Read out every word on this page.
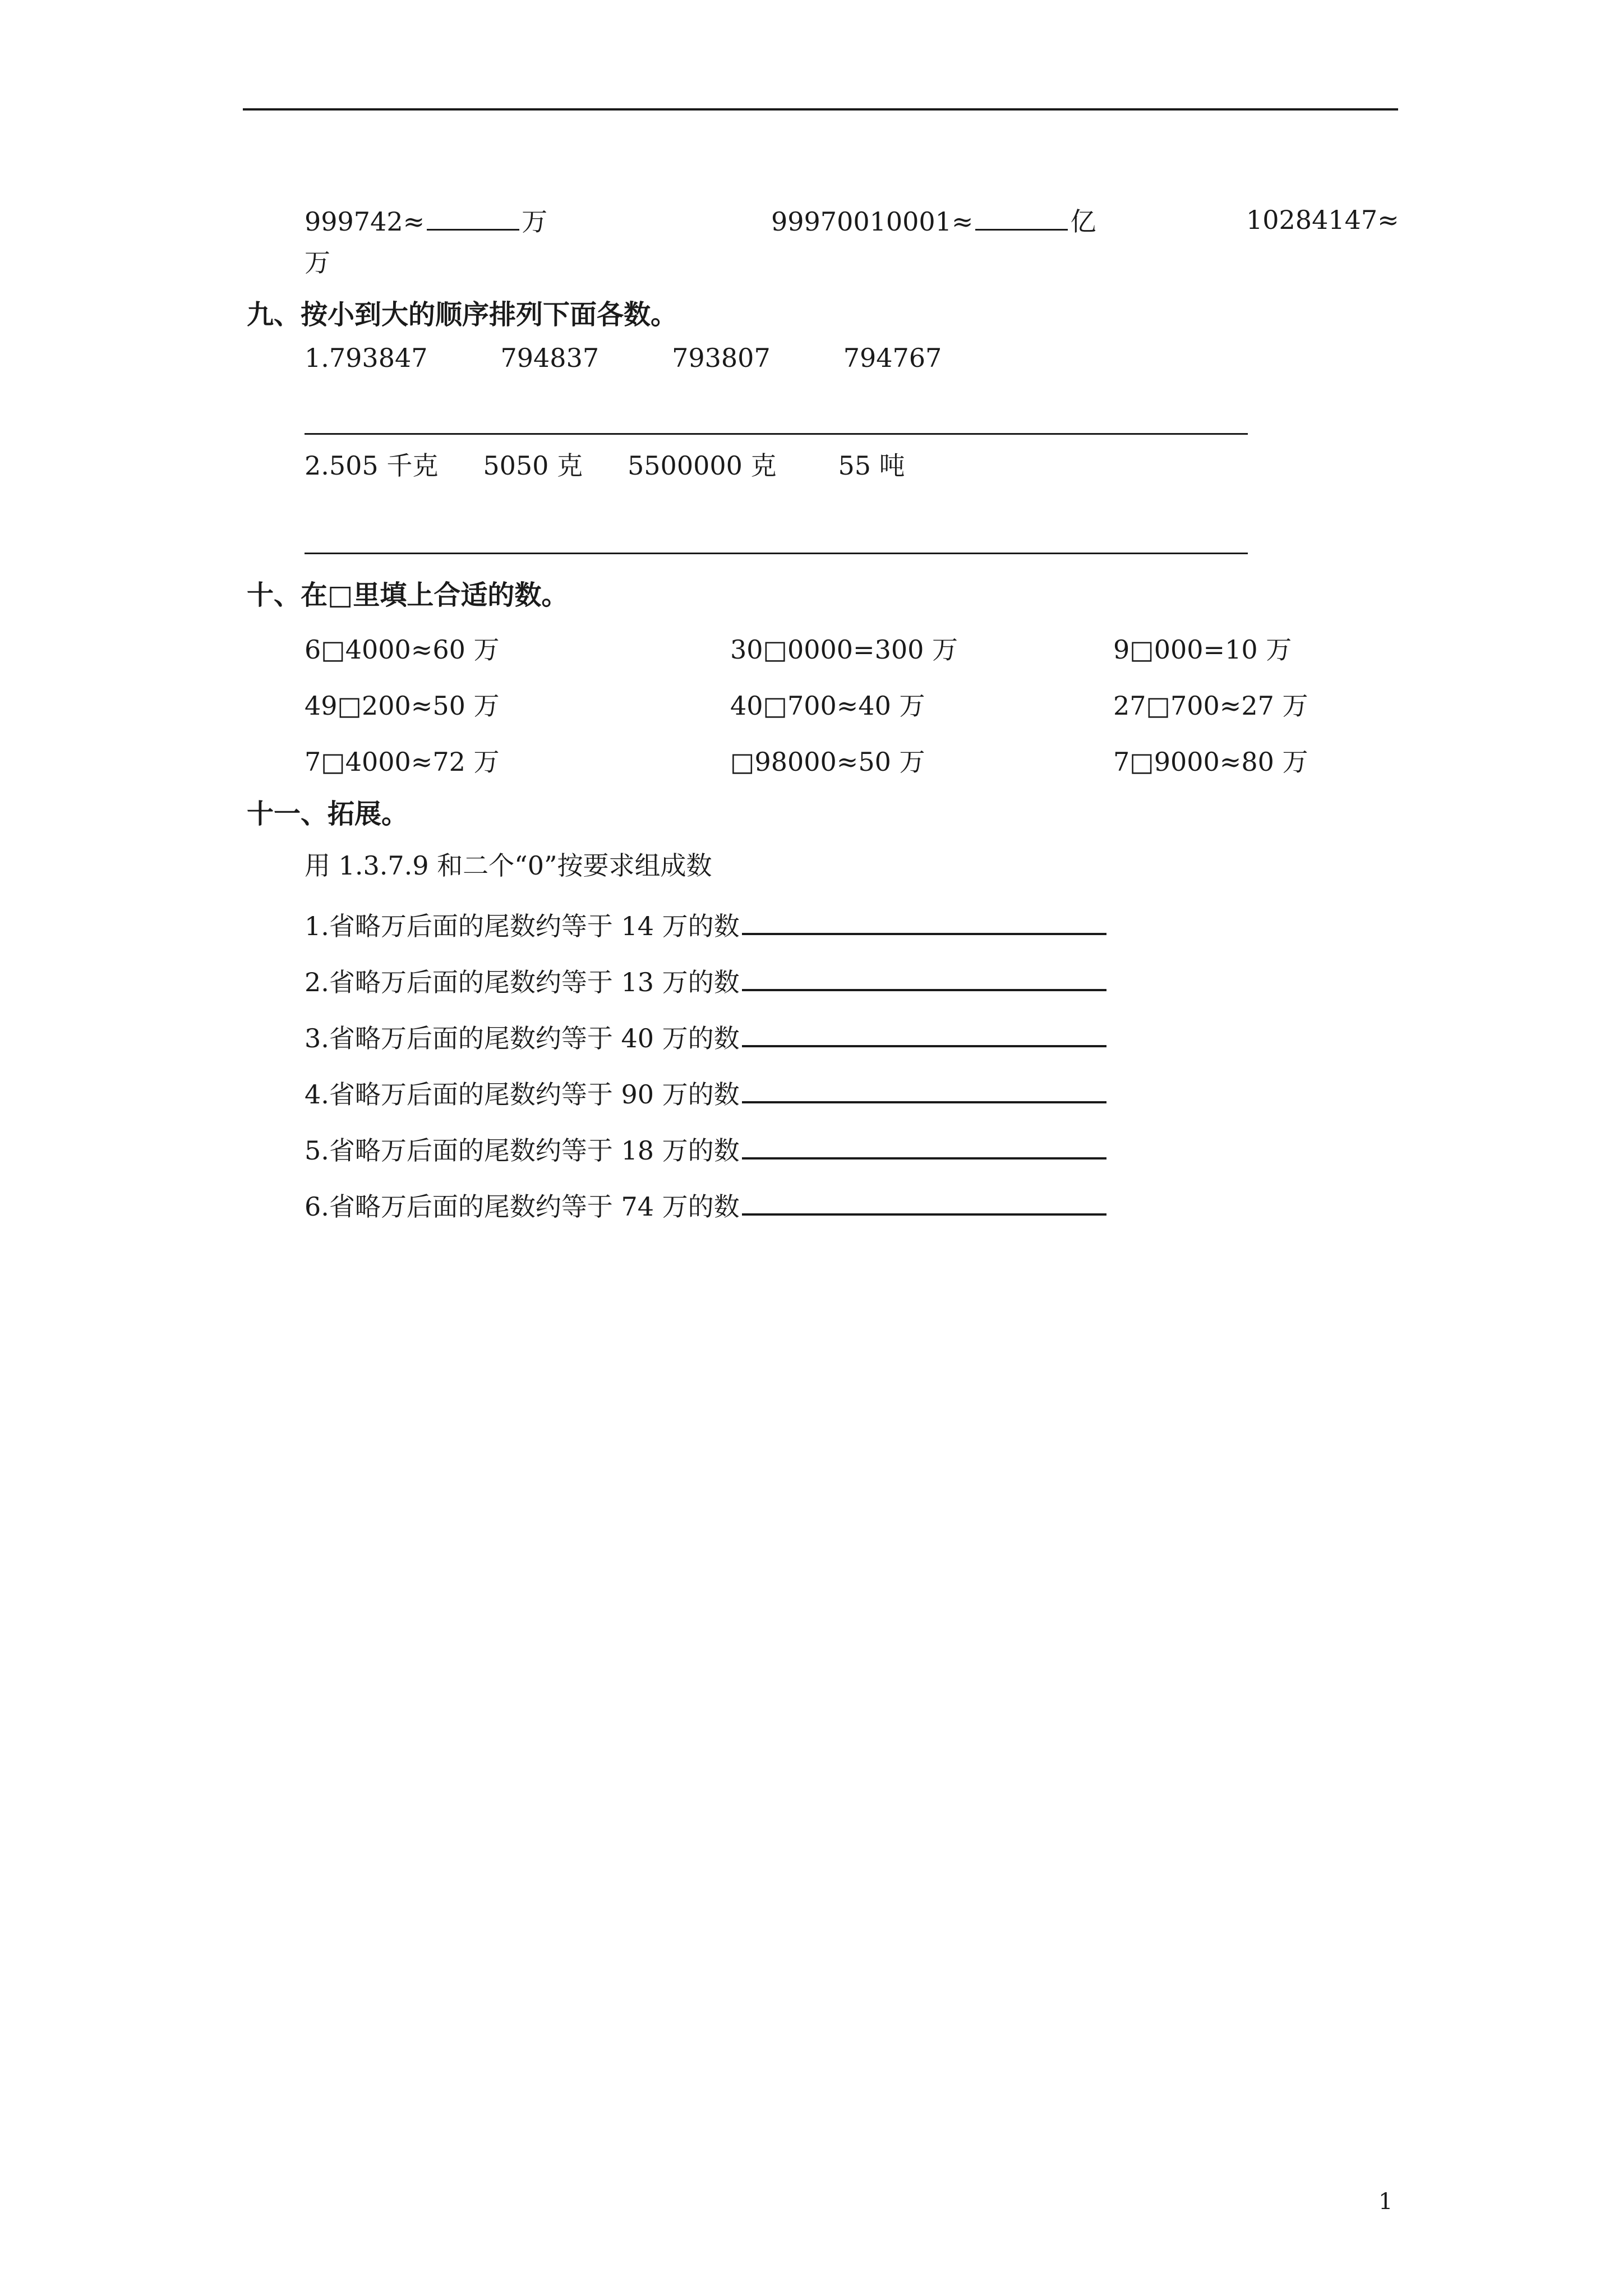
999742≈	万	99970010001≈	亿	10284147≈
万
九、按小到大的顺序排列下面各数。
1.793847	794837	793807	794767
2.505 千克 5050 克 5500000 克 55 吨
十、在□里填上合适的数。
6□4000≈60 万	30□0000=300 万	9□000=10 万
49□200≈50 万	40□700≈40 万	27□700≈27 万
7□4000≈72 万	□98000≈50 万	7□9000≈80 万
十一、拓展。
用 1.3.7.9 和二个“0”按要求组成数
1.省略万后面的尾数约等于 14 万的数
2.省略万后面的尾数约等于 13 万的数
3.省略万后面的尾数约等于 40 万的数
4.省略万后面的尾数约等于 90 万的数
5.省略万后面的尾数约等于 18 万的数
6.省略万后面的尾数约等于 74 万的数
1
